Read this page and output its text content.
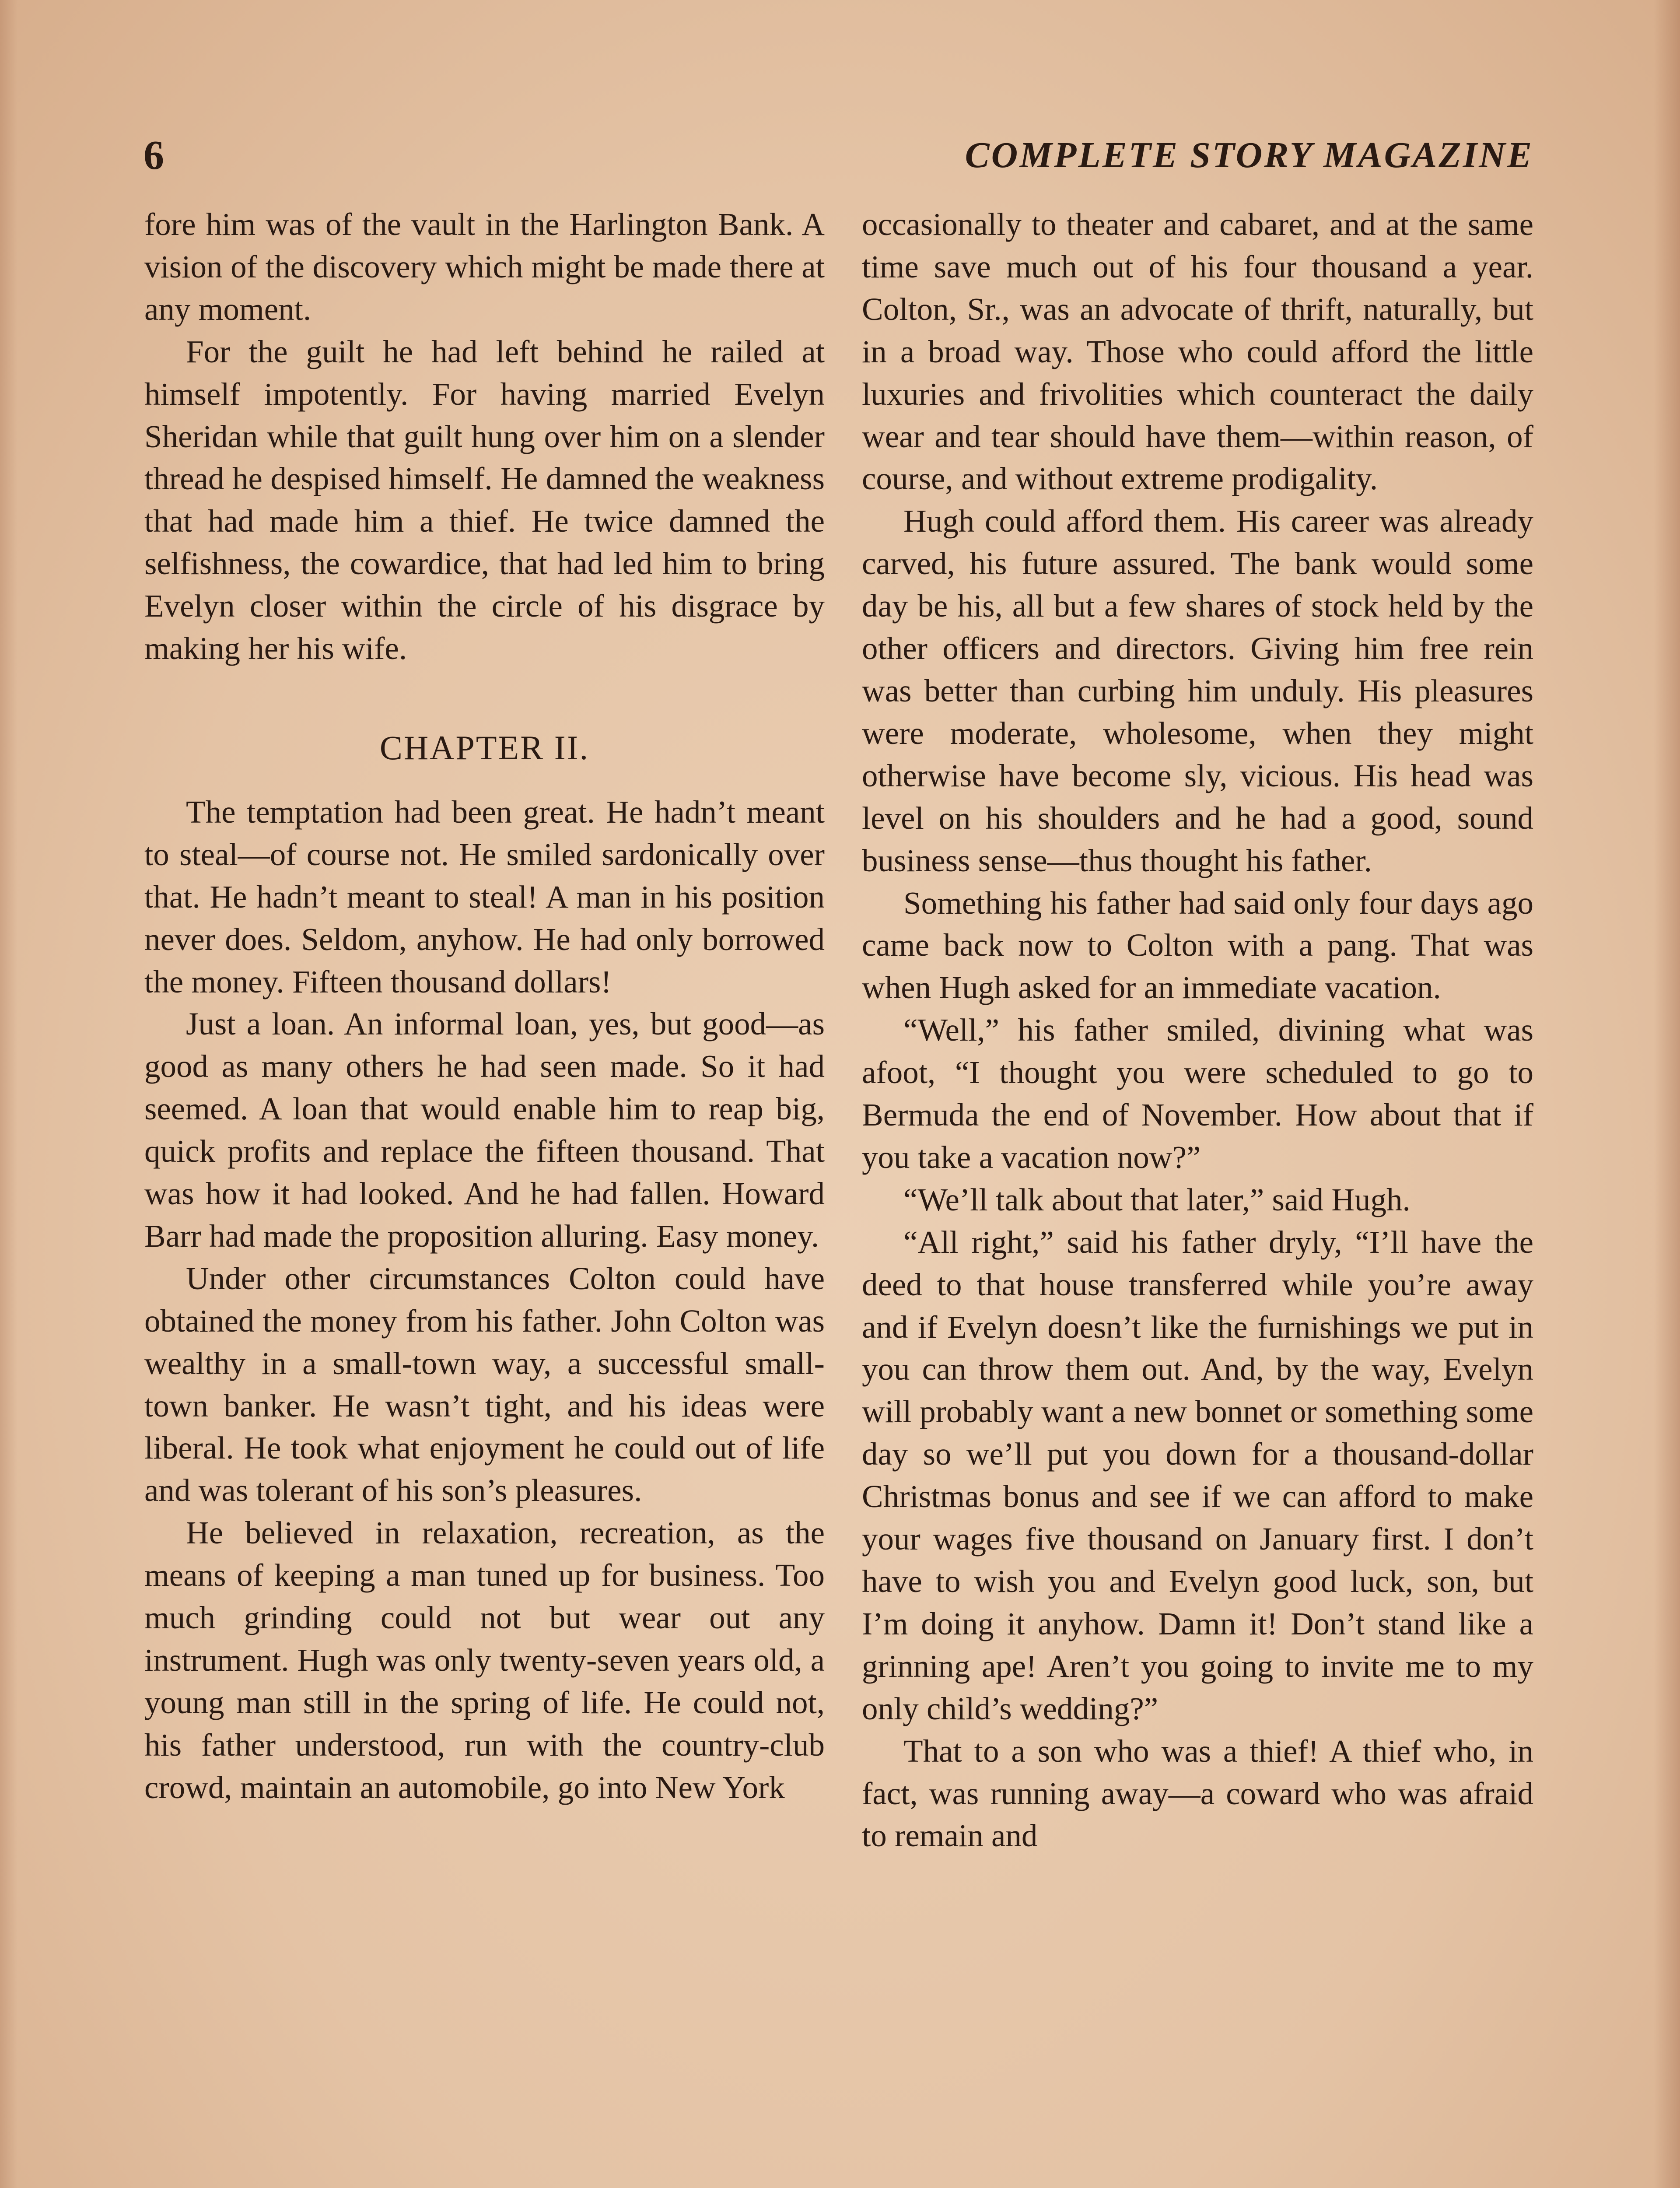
6	COMPLETE STORY MAGAZINE

fore him was of the vault in the Harlington Bank. A vision of the discovery which might be made there at any moment.

For the guilt he had left behind he railed at himself impotently. For having married Evelyn Sheridan while that guilt hung over him on a slender thread he despised himself. He damned the weakness that had made him a thief. He twice damned the selfishness, the cowardice, that had led him to bring Evelyn closer within the circle of his disgrace by making her his wife.

CHAPTER II.

The temptation had been great. He hadn’t meant to steal—of course not. He smiled sardonically over that. He hadn’t meant to steal! A man in his position never does. Seldom, anyhow. He had only borrowed the money. Fifteen thousand dollars!

Just a loan. An informal loan, yes, but good—as good as many others he had seen made. So it had seemed. A loan that would enable him to reap big, quick profits and replace the fifteen thousand. That was how it had looked. And he had fallen. Howard Barr had made the proposition alluring. Easy money.

Under other circumstances Colton could have obtained the money from his father. John Colton was wealthy in a small-town way, a successful small-town banker. He wasn’t tight, and his ideas were liberal. He took what enjoyment he could out of life and was tolerant of his son’s pleasures.

He believed in relaxation, recreation, as the means of keeping a man tuned up for business. Too much grinding could not but wear out any instrument. Hugh was only twenty-seven years old, a young man still in the spring of life. He could not, his father understood, run with the country-club crowd, maintain an automobile, go into New York

occasionally to theater and cabaret, and at the same time save much out of his four thousand a year. Colton, Sr., was an advocate of thrift, naturally, but in a broad way. Those who could afford the little luxuries and frivolities which counteract the daily wear and tear should have them—within reason, of course, and without extreme prodigality.

Hugh could afford them. His career was already carved, his future assured. The bank would some day be his, all but a few shares of stock held by the other officers and directors. Giving him free rein was better than curbing him unduly. His pleasures were moderate, wholesome, when they might otherwise have become sly, vicious. His head was level on his shoulders and he had a good, sound business sense—thus thought his father.

Something his father had said only four days ago came back now to Colton with a pang. That was when Hugh asked for an immediate vacation.

“Well,” his father smiled, divining what was afoot, “I thought you were scheduled to go to Bermuda the end of November. How about that if you take a vacation now?”

“We’ll talk about that later,” said Hugh.

“All right,” said his father dryly, “I’ll have the deed to that house transferred while you’re away and if Evelyn doesn’t like the furnishings we put in you can throw them out. And, by the way, Evelyn will probably want a new bonnet or something some day so we’ll put you down for a thousand-dollar Christmas bonus and see if we can afford to make your wages five thousand on January first. I don’t have to wish you and Evelyn good luck, son, but I’m doing it anyhow. Damn it! Don’t stand like a grinning ape! Aren’t you going to invite me to my only child’s wedding?”

That to a son who was a thief! A thief who, in fact, was running away—a coward who was afraid to remain and
